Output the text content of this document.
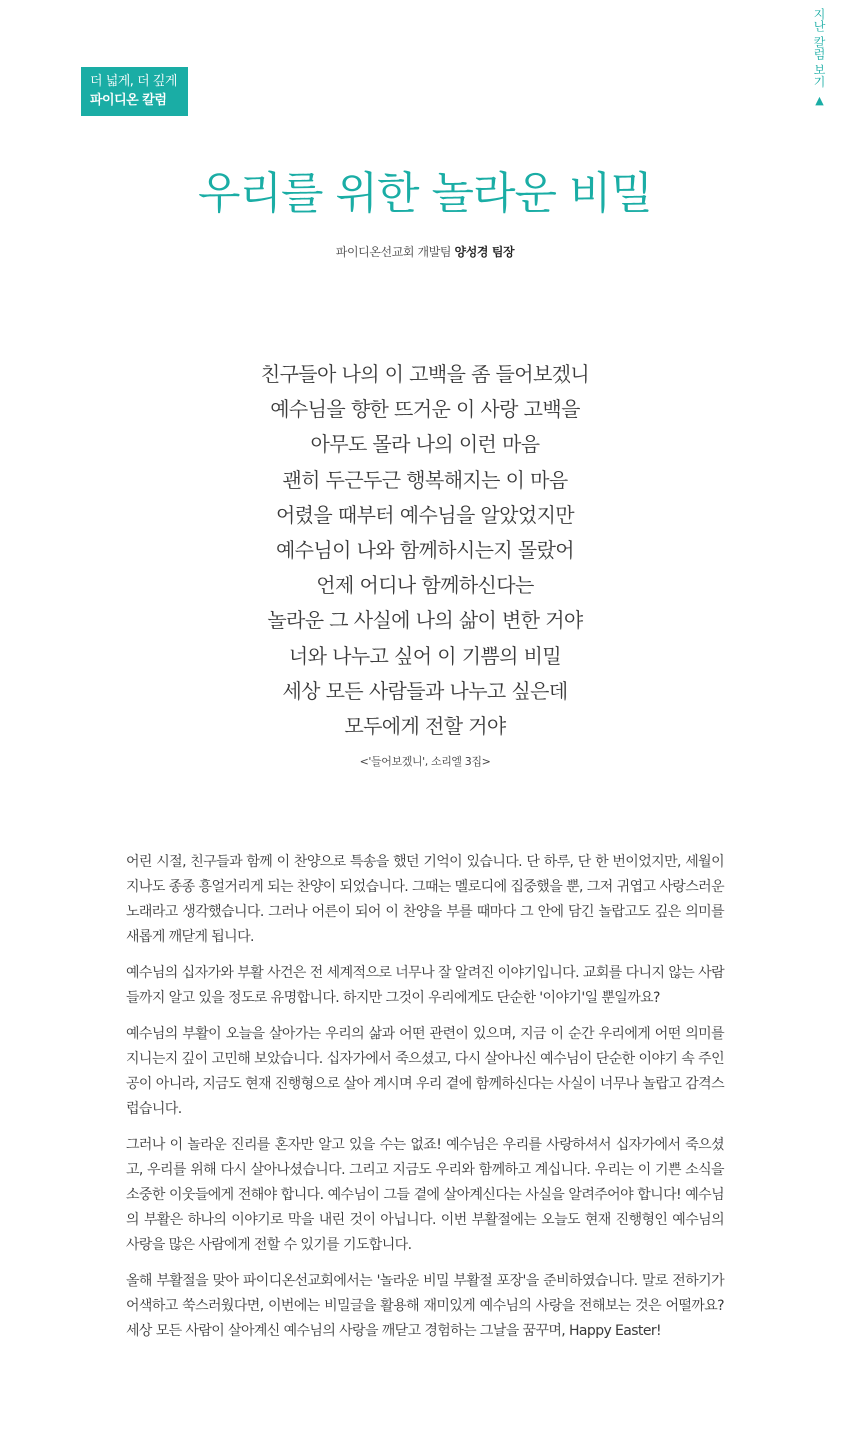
더 넓게, 더 깊게
파이디온 칼럼
지난 칼럼 보기 ▲
우리를 위한 놀라운 비밀
파이디온선교회 개발팀 양성경 팀장
친구들아 나의 이 고백을 좀 들어보겠니
예수님을 향한 뜨거운 이 사랑 고백을
아무도 몰라 나의 이런 마음
괜히 두근두근 행복해지는 이 마음
어렸을 때부터 예수님을 알았었지만
예수님이 나와 함께하시는지 몰랐어
언제 어디나 함께하신다는
놀라운 그 사실에 나의 삶이 변한 거야
너와 나누고 싶어 이 기쁨의 비밀
세상 모든 사람들과 나누고 싶은데
모두에게 전할 거야
<'들어보겠니', 소리엘 3집>

어린 시절, 친구들과 함께 이 찬양으로 특송을 했던 기억이 있습니다. 단 하루, 단 한 번이었지만, 세월이 지나도 종종 흥얼거리게 되는 찬양이 되었습니다. 그때는 멜로디에 집중했을 뿐, 그저 귀엽고 사랑스러운 노래라고 생각했습니다. 그러나 어른이 되어 이 찬양을 부를 때마다 그 안에 담긴 놀랍고도 깊은 의미를 새롭게 깨닫게 됩니다.

예수님의 십자가와 부활 사건은 전 세계적으로 너무나 잘 알려진 이야기입니다. 교회를 다니지 않는 사람들까지 알고 있을 정도로 유명합니다. 하지만 그것이 우리에게도 단순한 '이야기'일 뿐일까요?

예수님의 부활이 오늘을 살아가는 우리의 삶과 어떤 관련이 있으며, 지금 이 순간 우리에게 어떤 의미를 지니는지 깊이 고민해 보았습니다. 십자가에서 죽으셨고, 다시 살아나신 예수님이 단순한 이야기 속 주인공이 아니라, 지금도 현재 진행형으로 살아 계시며 우리 곁에 함께하신다는 사실이 너무나 놀랍고 감격스럽습니다.

그러나 이 놀라운 진리를 혼자만 알고 있을 수는 없죠! 예수님은 우리를 사랑하셔서 십자가에서 죽으셨고, 우리를 위해 다시 살아나셨습니다. 그리고 지금도 우리와 함께하고 계십니다. 우리는 이 기쁜 소식을 소중한 이웃들에게 전해야 합니다. 예수님이 그들 곁에 살아계신다는 사실을 알려주어야 합니다! 예수님의 부활은 하나의 이야기로 막을 내린 것이 아닙니다. 이번 부활절에는 오늘도 현재 진행형인 예수님의 사랑을 많은 사람에게 전할 수 있기를 기도합니다.

올해 부활절을 맞아 파이디온선교회에서는 '놀라운 비밀 부활절 포장'을 준비하였습니다. 말로 전하기가 어색하고 쑥스러웠다면, 이번에는 비밀글을 활용해 재미있게 예수님의 사랑을 전해보는 것은 어떨까요? 세상 모든 사람이 살아계신 예수님의 사랑을 깨닫고 경험하는 그날을 꿈꾸며, Happy Easter!
